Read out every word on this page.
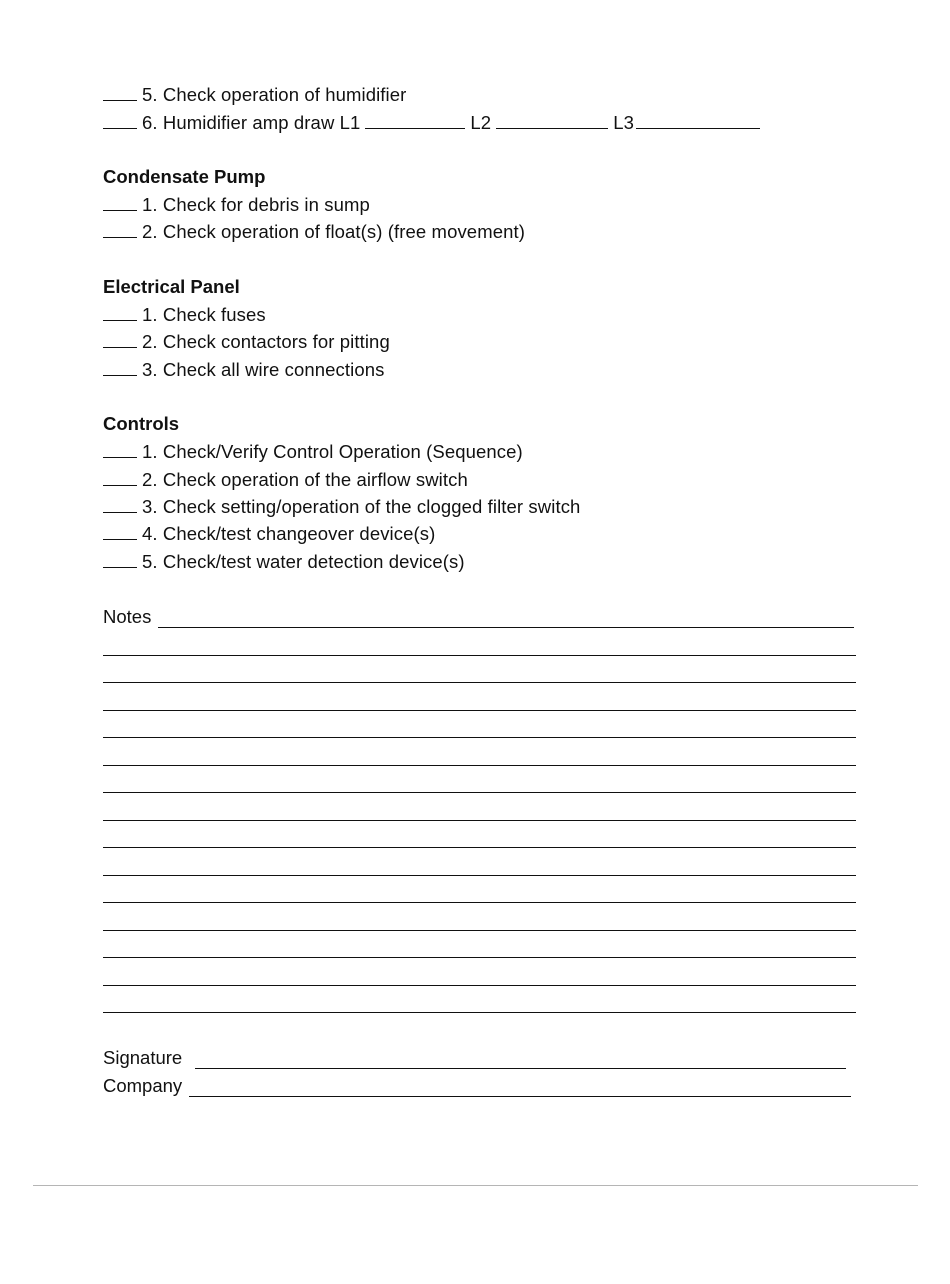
5. Check operation of humidifier
6. Humidifier amp draw L1	L2	L3
Condensate Pump
1. Check for debris in sump
2. Check operation of float(s) (free movement)
Electrical Panel
1. Check fuses
2. Check contactors for pitting
3. Check all wire connections
Controls
1. Check/Verify Control Operation (Sequence)
2. Check operation of the airflow switch
3. Check setting/operation of the clogged filter switch
4. Check/test changeover device(s)
5. Check/test water detection device(s)
Notes
Signature
Company
